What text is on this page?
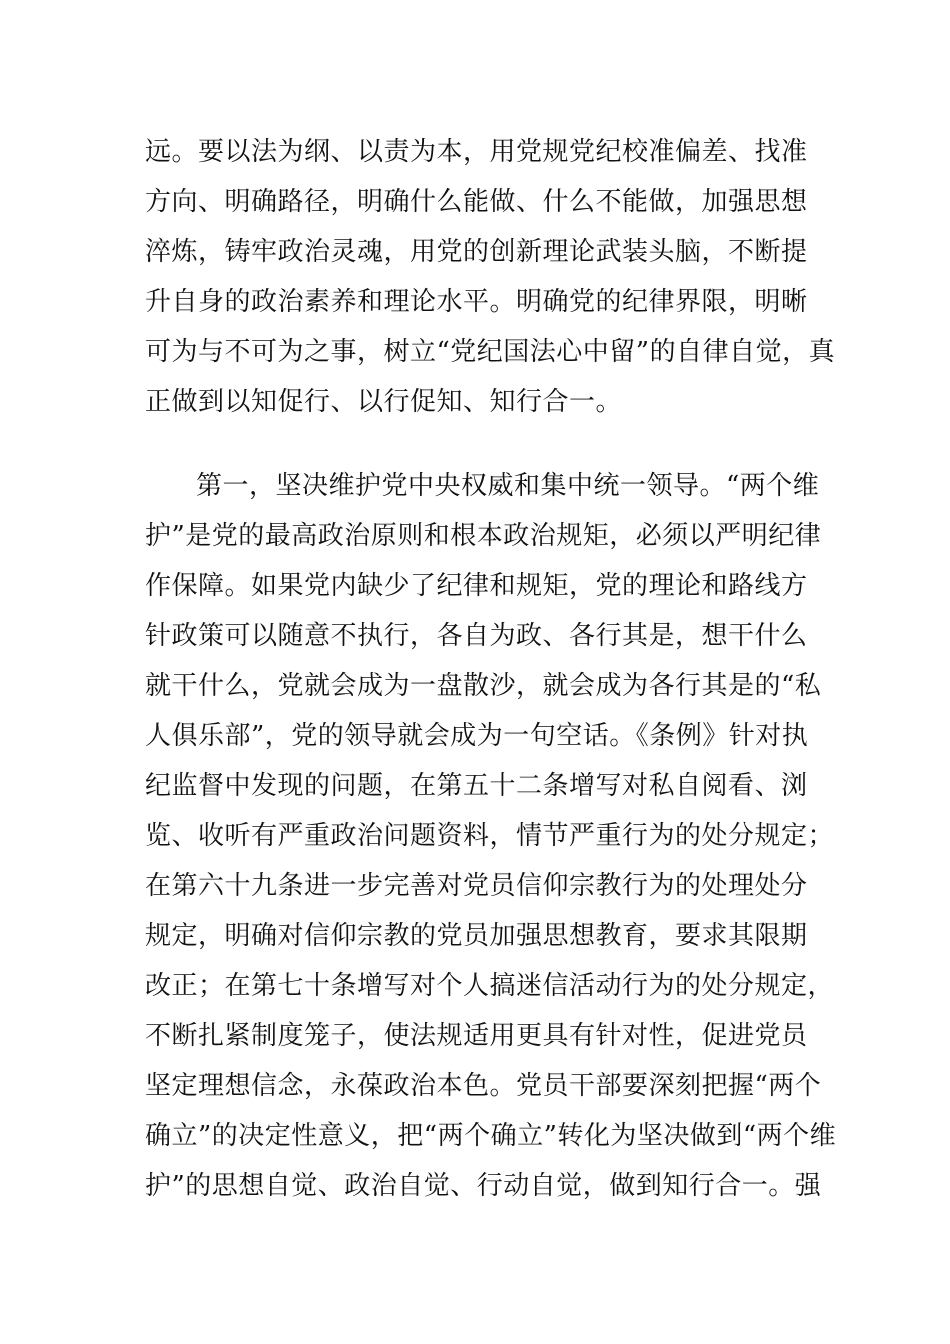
远。要以法为纲、以责为本，用党规党纪校准偏差、找准
方向、明确路径，明确什么能做、什么不能做，加强思想
淬炼，铸牢政治灵魂，用党的创新理论武装头脑，不断提
升自身的政治素养和理论水平。明确党的纪律界限，明晰
可为与不可为之事，树立“党纪国法心中留”的自律自觉，真
正做到以知促行、以行促知、知行合一。
第一，坚决维护党中央权威和集中统一领导。“两个维
护”是党的最高政治原则和根本政治规矩，必须以严明纪律
作保障。如果党内缺少了纪律和规矩，党的理论和路线方
针政策可以随意不执行，各自为政、各行其是，想干什么
就干什么，党就会成为一盘散沙，就会成为各行其是的“私
人俱乐部”，党的领导就会成为一句空话。《条例》针对执
纪监督中发现的问题，在第五十二条增写对私自阅看、浏
览、收听有严重政治问题资料，情节严重行为的处分规定；
在第六十九条进一步完善对党员信仰宗教行为的处理处分
规定，明确对信仰宗教的党员加强思想教育，要求其限期
改正；在第七十条增写对个人搞迷信活动行为的处分规定，
不断扎紧制度笼子，使法规适用更具有针对性，促进党员
坚定理想信念，永葆政治本色。党员干部要深刻把握“两个
确立”的决定性意义，把“两个确立”转化为坚决做到“两个维
护”的思想自觉、政治自觉、行动自觉，做到知行合一。强
